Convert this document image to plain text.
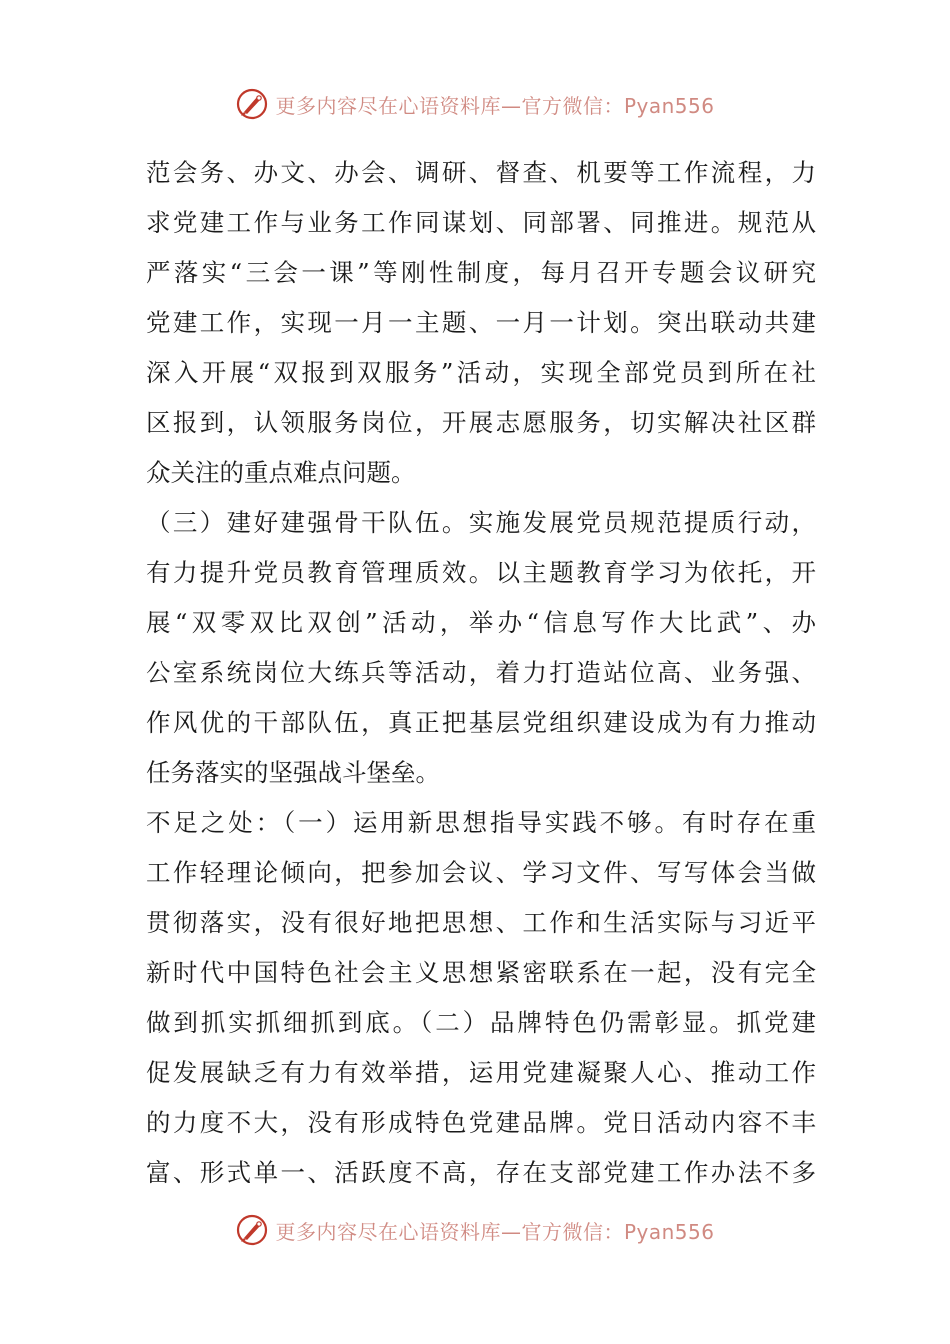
更多内容尽在心语资料库—官方微信：Pyan556
范会务、办文、办会、调研、督查、机要等工作流程，力
求党建工作与业务工作同谋划、同部署、同推进。规范从
严落实“三会一课”等刚性制度，每月召开专题会议研究
党建工作，实现一月一主题、一月一计划。突出联动共建
深入开展“双报到双服务”活动，实现全部党员到所在社
区报到，认领服务岗位，开展志愿服务，切实解决社区群
众关注的重点难点问题。
（三）建好建强骨干队伍。实施发展党员规范提质行动，
有力提升党员教育管理质效。以主题教育学习为依托，开
展“双零双比双创”活动，举办“信息写作大比武”、办
公室系统岗位大练兵等活动，着力打造站位高、业务强、
作风优的干部队伍，真正把基层党组织建设成为有力推动
任务落实的坚强战斗堡垒。
不足之处：（一）运用新思想指导实践不够。有时存在重
工作轻理论倾向，把参加会议、学习文件、写写体会当做
贯彻落实，没有很好地把思想、工作和生活实际与习近平
新时代中国特色社会主义思想紧密联系在一起，没有完全
做到抓实抓细抓到底。（二）品牌特色仍需彰显。抓党建
促发展缺乏有力有效举措，运用党建凝聚人心、推动工作
的力度不大，没有形成特色党建品牌。党日活动内容不丰
富、形式单一、活跃度不高，存在支部党建工作办法不多
更多内容尽在心语资料库—官方微信：Pyan556
